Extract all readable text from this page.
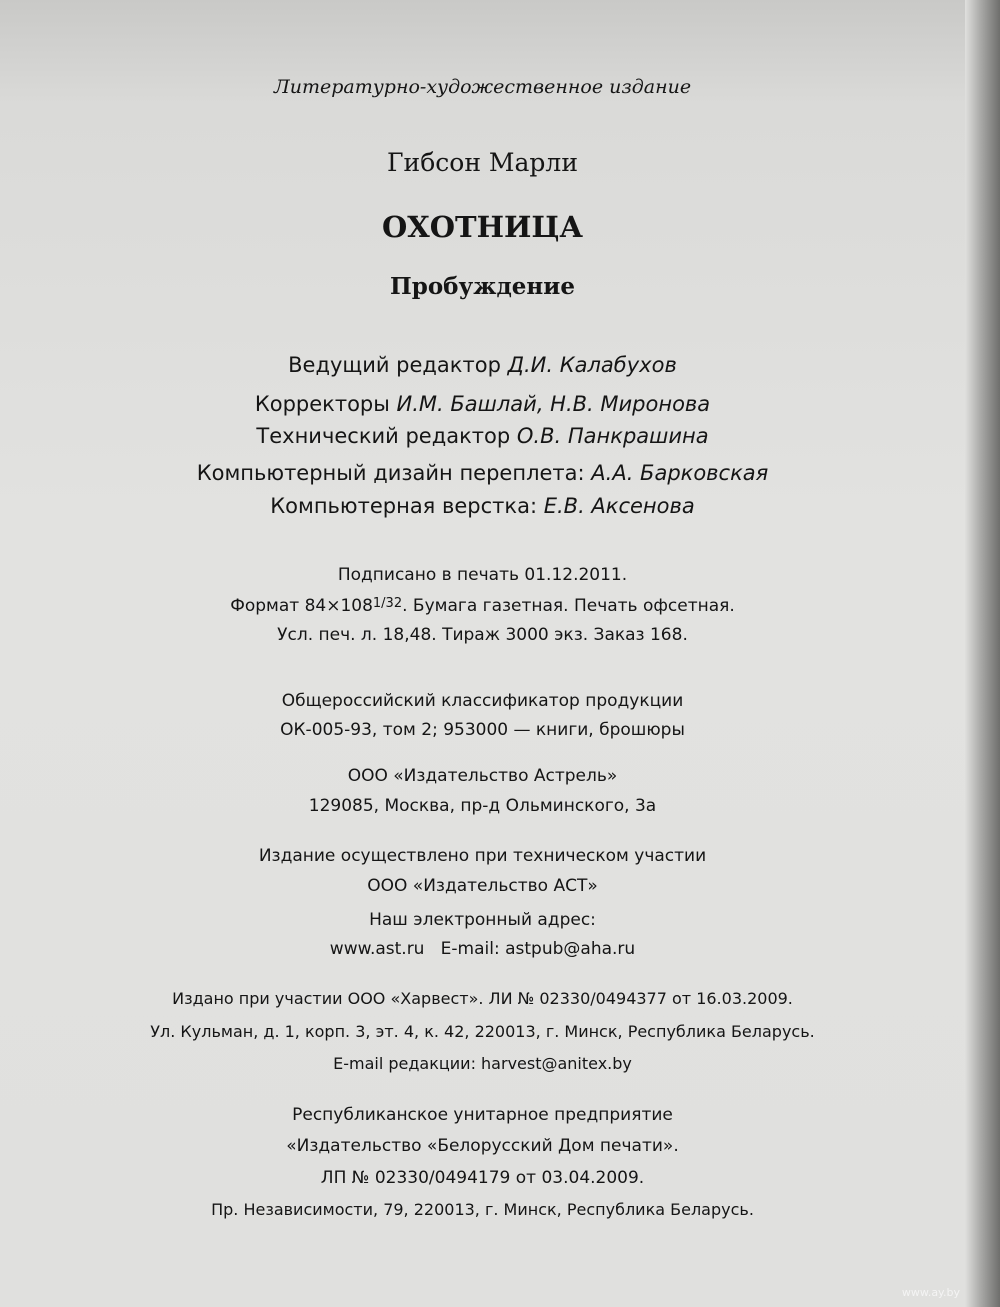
Литературно-художественное издание

Гибсон Марли

ОХОТНИЦА

Пробуждение

Ведущий редактор Д.И. Калабухов

Корректоры И.М. Башлай, Н.В. Миронова

Технический редактор О.В. Панкрашина

Компьютерный дизайн переплета: А.А. Барковская

Компьютерная верстка: Е.В. Аксенова

Подписано в печать 01.12.2011.

Формат $84\times 108^{1/32}$. Бумага газетная. Печать офсетная.

Усл. печ. л. 18,48. Тираж 3000 экз. Заказ 168.

Общероссийский классификатор продукции

ОК-005-93, том 2; 953000 — книги, брошюры

ООО «Издательство Астрель»

129085, Москва, пр-д Ольминского, 3а

Издание осуществлено при техническом участии

ООО «Издательство АСТ»

Наш электронный адрес:

www.ast.ru   E-mail: astpub@aha.ru

Издано при участии ООО «Харвест». ЛИ № 02330/0494377 от 16.03.2009.

Ул. Кульман, д. 1, корп. 3, эт. 4, к. 42, 220013, г. Минск, Республика Беларусь.

E-mail редакции: harvest@anitex.by

Республиканское унитарное предприятие

«Издательство «Белорусский Дом печати».

ЛП № 02330/0494179 от 03.04.2009.

Пр. Независимости, 79, 220013, г. Минск, Республика Беларусь.

www.ay.by
